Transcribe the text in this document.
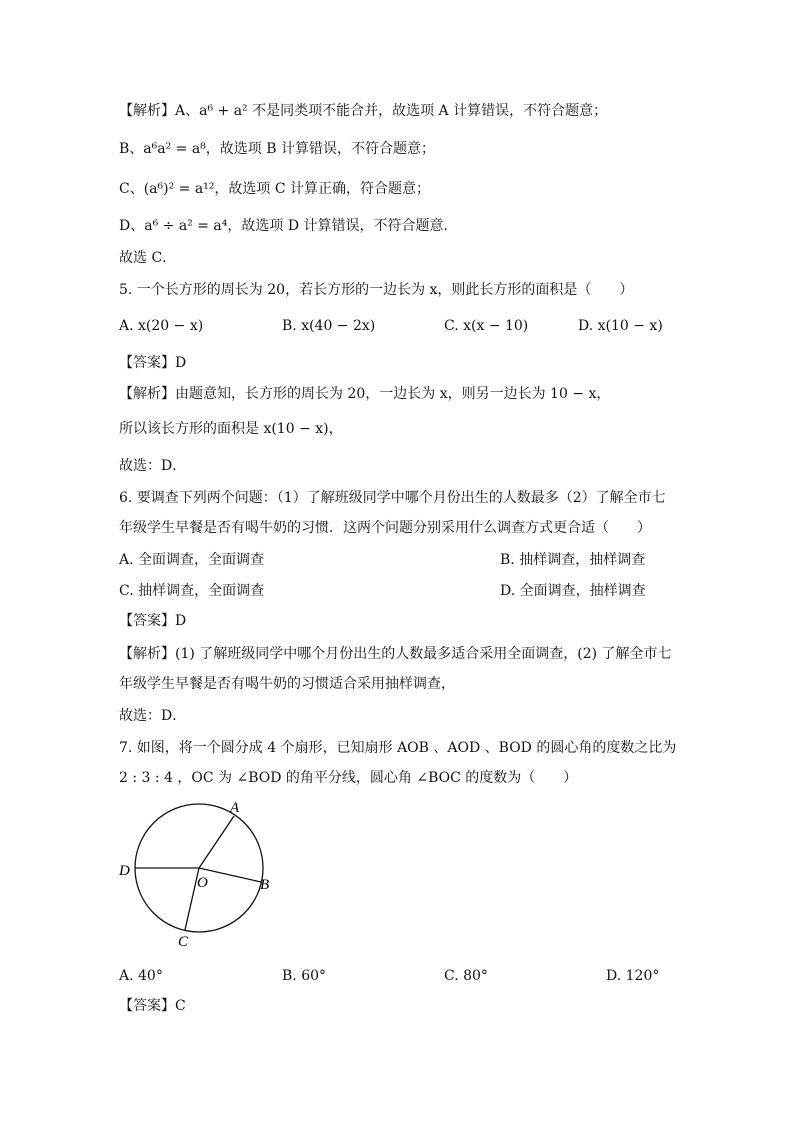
【解析】A、a⁶ + a² 不是同类项不能合并，故选项 A 计算错误，不符合题意；
B、a⁶a² = a⁸，故选项 B 计算错误，不符合题意；
C、(a⁶)² = a¹²，故选项 C 计算正确，符合题意；
D、a⁶ ÷ a² = a⁴，故选项 D 计算错误，不符合题意．
故选 C．
5. 一个长方形的周长为 20，若长方形的一边长为 x，则此长方形的面积是（　　）
A. x(20 − x)	B. x(40 − 2x)	C. x(x − 10)	D. x(10 − x)
【答案】D
【解析】由题意知，长方形的周长为 20，一边长为 x，则另一边长为 10 − x，
所以该长方形的面积是 x(10 − x)，
故选：D．
6. 要调查下列两个问题：（1）了解班级同学中哪个月份出生的人数最多（2）了解全市七
年级学生早餐是否有喝牛奶的习惯．这两个问题分别采用什么调查方式更合适（　　）
A. 全面调查，全面调查	B. 抽样调查，抽样调查
C. 抽样调查，全面调查	D. 全面调查，抽样调查
【答案】D
【解析】(1) 了解班级同学中哪个月份出生的人数最多适合采用全面调查，(2) 了解全市七
年级学生早餐是否有喝牛奶的习惯适合采用抽样调查，
故选：D．
7. 如图，将一个圆分成 4 个扇形，已知扇形 AOB 、AOD 、BOD 的圆心角的度数之比为
2 : 3 : 4 ，OC 为 ∠BOD 的角平分线，圆心角 ∠BOC 的度数为（　　）
A
D
O	B
C
A. 40°	B. 60°	C. 80°	D. 120°
【答案】C
